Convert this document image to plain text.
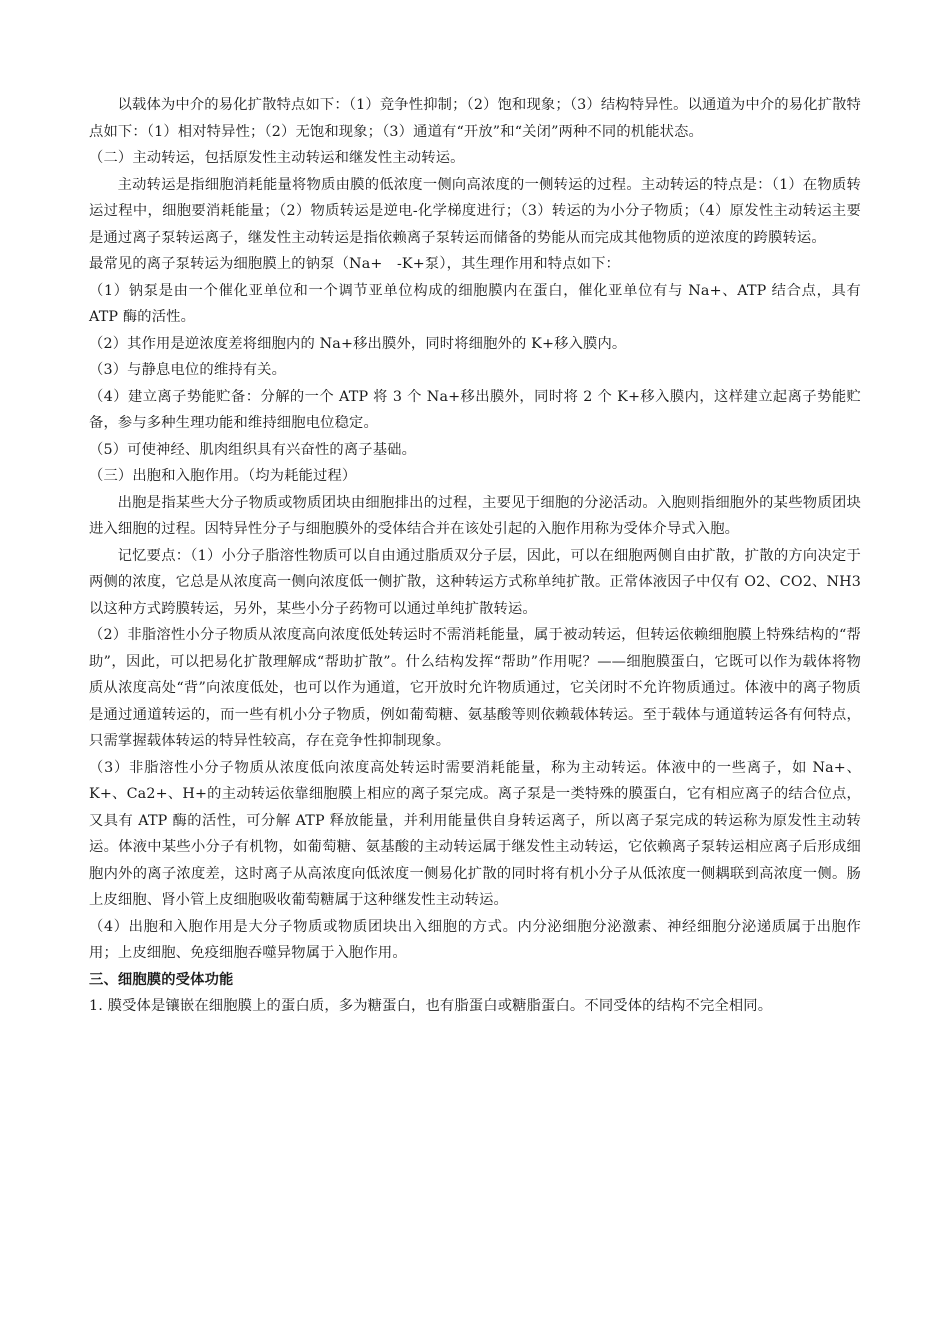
以载体为中介的易化扩散特点如下：（1）竞争性抑制；（2）饱和现象；（3）结构特异性。以通道为中介的易化扩散特点如下：（1）相对特异性；（2）无饱和现象；（3）通道有“开放”和“关闭”两种不同的机能状态。

（二）主动转运，包括原发性主动转运和继发性主动转运。

主动转运是指细胞消耗能量将物质由膜的低浓度一侧向高浓度的一侧转运的过程。主动转运的特点是：（1）在物质转运过程中，细胞要消耗能量；（2）物质转运是逆电-化学梯度进行；（3）转运的为小分子物质；（4）原发性主动转运主要是通过离子泵转运离子，继发性主动转运是指依赖离子泵转运而储备的势能从而完成其他物质的逆浓度的跨膜转运。

最常见的离子泵转运为细胞膜上的钠泵（Na+　-K+泵），其生理作用和特点如下：

（1）钠泵是由一个催化亚单位和一个调节亚单位构成的细胞膜内在蛋白，催化亚单位有与 Na+、ATP 结合点，具有 ATP 酶的活性。

（2）其作用是逆浓度差将细胞内的 Na+移出膜外，同时将细胞外的 K+移入膜内。

（3）与静息电位的维持有关。

（4）建立离子势能贮备：分解的一个 ATP 将 3 个 Na+移出膜外，同时将 2 个 K+移入膜内，这样建立起离子势能贮备，参与多种生理功能和维持细胞电位稳定。

（5）可使神经、肌肉组织具有兴奋性的离子基础。

（三）出胞和入胞作用。（均为耗能过程）

出胞是指某些大分子物质或物质团块由细胞排出的过程，主要见于细胞的分泌活动。入胞则指细胞外的某些物质团块进入细胞的过程。因特异性分子与细胞膜外的受体结合并在该处引起的入胞作用称为受体介导式入胞。

记忆要点：（1）小分子脂溶性物质可以自由通过脂质双分子层，因此，可以在细胞两侧自由扩散，扩散的方向决定于两侧的浓度，它总是从浓度高一侧向浓度低一侧扩散，这种转运方式称单纯扩散。正常体液因子中仅有 O2、CO2、NH3 以这种方式跨膜转运，另外，某些小分子药物可以通过单纯扩散转运。

（2）非脂溶性小分子物质从浓度高向浓度低处转运时不需消耗能量，属于被动转运，但转运依赖细胞膜上特殊结构的“帮助”，因此，可以把易化扩散理解成“帮助扩散”。什么结构发挥“帮助”作用呢？——细胞膜蛋白，它既可以作为载体将物质从浓度高处“背”向浓度低处，也可以作为通道，它开放时允许物质通过，它关闭时不允许物质通过。体液中的离子物质是通过通道转运的，而一些有机小分子物质，例如葡萄糖、氨基酸等则依赖载体转运。至于载体与通道转运各有何特点，只需掌握载体转运的特异性较高，存在竞争性抑制现象。

（3）非脂溶性小分子物质从浓度低向浓度高处转运时需要消耗能量，称为主动转运。体液中的一些离子，如 Na+、K+、Ca2+、H+的主动转运依靠细胞膜上相应的离子泵完成。离子泵是一类特殊的膜蛋白，它有相应离子的结合位点，又具有 ATP 酶的活性，可分解 ATP 释放能量，并利用能量供自身转运离子，所以离子泵完成的转运称为原发性主动转运。体液中某些小分子有机物，如葡萄糖、氨基酸的主动转运属于继发性主动转运，它依赖离子泵转运相应离子后形成细胞内外的离子浓度差，这时离子从高浓度向低浓度一侧易化扩散的同时将有机小分子从低浓度一侧耦联到高浓度一侧。肠上皮细胞、肾小管上皮细胞吸收葡萄糖属于这种继发性主动转运。

（4）出胞和入胞作用是大分子物质或物质团块出入细胞的方式。内分泌细胞分泌激素、神经细胞分泌递质属于出胞作用；上皮细胞、免疫细胞吞噬异物属于入胞作用。

三、细胞膜的受体功能

1. 膜受体是镶嵌在细胞膜上的蛋白质，多为糖蛋白，也有脂蛋白或糖脂蛋白。不同受体的结构不完全相同。
